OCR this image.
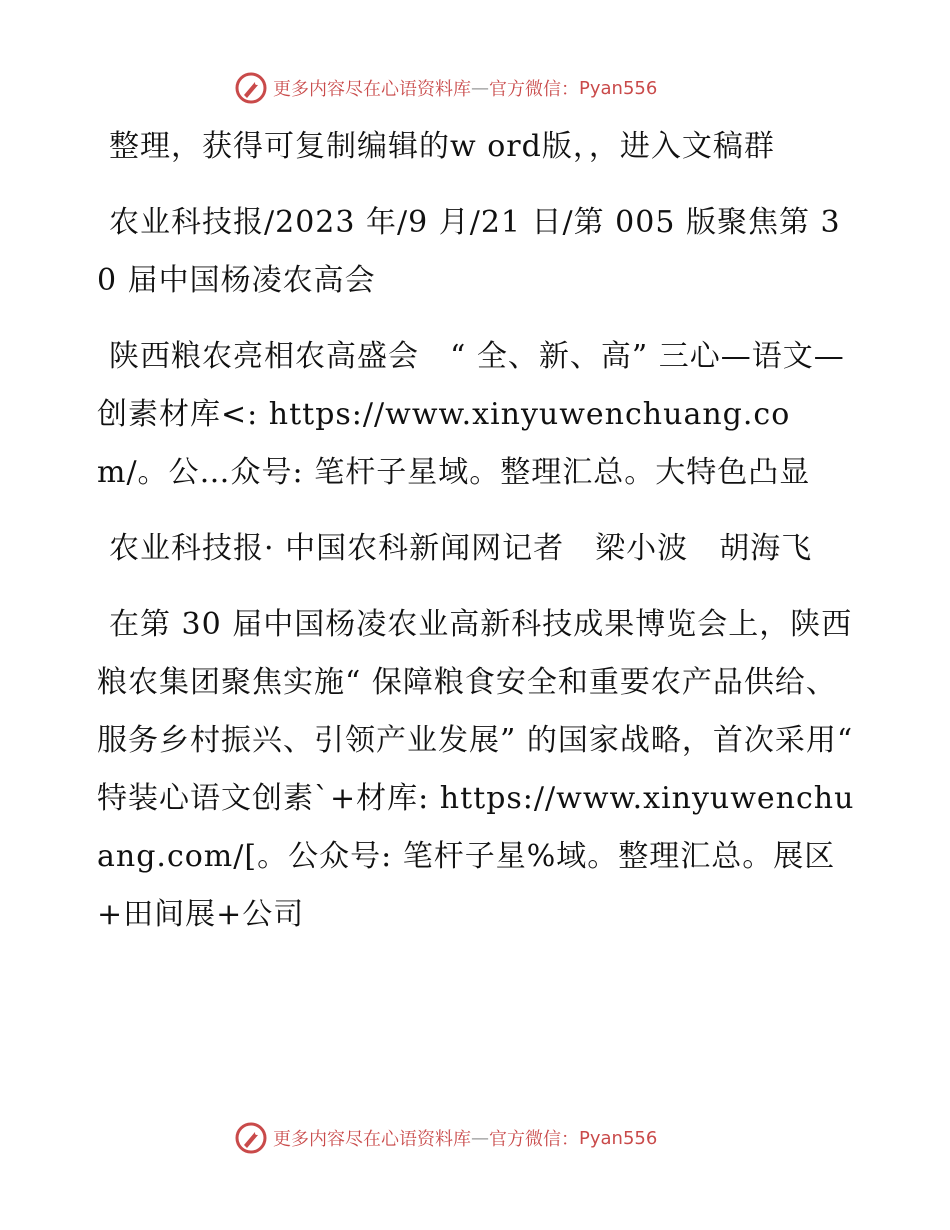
更多内容尽在心语资料库 — 官方微信： Pyan556

整理，获得可复制编辑的w ord版，，进入文稿群

农业科技报/2023 年/9 月/21 日/第 005 版聚焦第 30 届中国杨凌农高会

陕西粮农亮相农高盛会　“ 全、新、高” 三心—语文—创素材库<: https://www.xinyuwenchuang.com/。公…众号: 笔杆子星域。整理汇总。大特色凸显

农业科技报· 中国农科新闻网记者　梁小波　胡海飞

在第 30 届中国杨凌农业高新科技成果博览会上，陕西粮农集团聚焦实施“ 保障粮食安全和重要农产品供给、服务乡村振兴、引领产业发展” 的国家战略，首次采用“ 特装心语文创素`+材库: https://www.xinyuwenchuang.com/[。公众号: 笔杆子星%域。整理汇总。展区+田间展+公司

更多内容尽在心语资料库 — 官方微信： Pyan556
